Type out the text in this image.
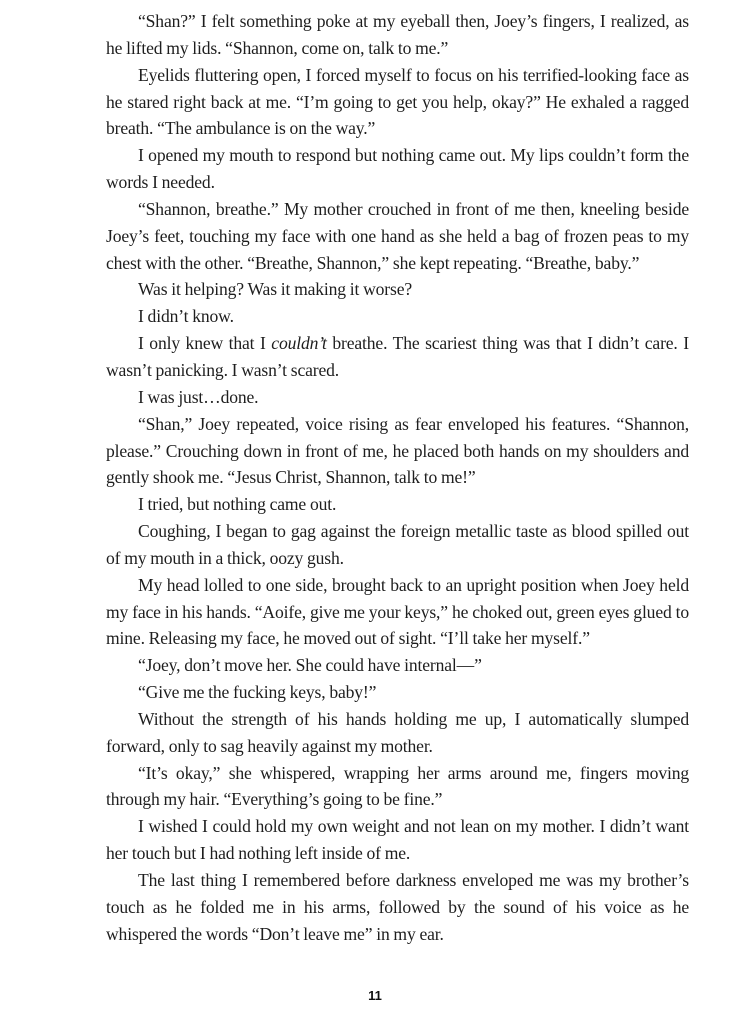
“Shan?” I felt something poke at my eyeball then, Joey’s fingers, I realized, as he lifted my lids. “Shannon, come on, talk to me.”

Eyelids fluttering open, I forced myself to focus on his terrified-looking face as he stared right back at me. “I’m going to get you help, okay?” He exhaled a ragged breath. “The ambulance is on the way.”

I opened my mouth to respond but nothing came out. My lips couldn’t form the words I needed.

“Shannon, breathe.” My mother crouched in front of me then, kneeling beside Joey’s feet, touching my face with one hand as she held a bag of frozen peas to my chest with the other. “Breathe, Shannon,” she kept repeating. “Breathe, baby.”

Was it helping? Was it making it worse?

I didn’t know.

I only knew that I couldn’t breathe. The scariest thing was that I didn’t care. I wasn’t panicking. I wasn’t scared.

I was just…done.

“Shan,” Joey repeated, voice rising as fear enveloped his features. “Shannon, please.” Crouching down in front of me, he placed both hands on my shoulders and gently shook me. “Jesus Christ, Shannon, talk to me!”

I tried, but nothing came out.

Coughing, I began to gag against the foreign metallic taste as blood spilled out of my mouth in a thick, oozy gush.

My head lolled to one side, brought back to an upright position when Joey held my face in his hands. “Aoife, give me your keys,” he choked out, green eyes glued to mine. Releasing my face, he moved out of sight. “I’ll take her myself.”

“Joey, don’t move her. She could have internal—”

“Give me the fucking keys, baby!”

Without the strength of his hands holding me up, I automatically slumped forward, only to sag heavily against my mother.

“It’s okay,” she whispered, wrapping her arms around me, fingers moving through my hair. “Everything’s going to be fine.”

I wished I could hold my own weight and not lean on my mother. I didn’t want her touch but I had nothing left inside of me.

The last thing I remembered before darkness enveloped me was my brother’s touch as he folded me in his arms, followed by the sound of his voice as he whispered the words “Don’t leave me” in my ear.

11
